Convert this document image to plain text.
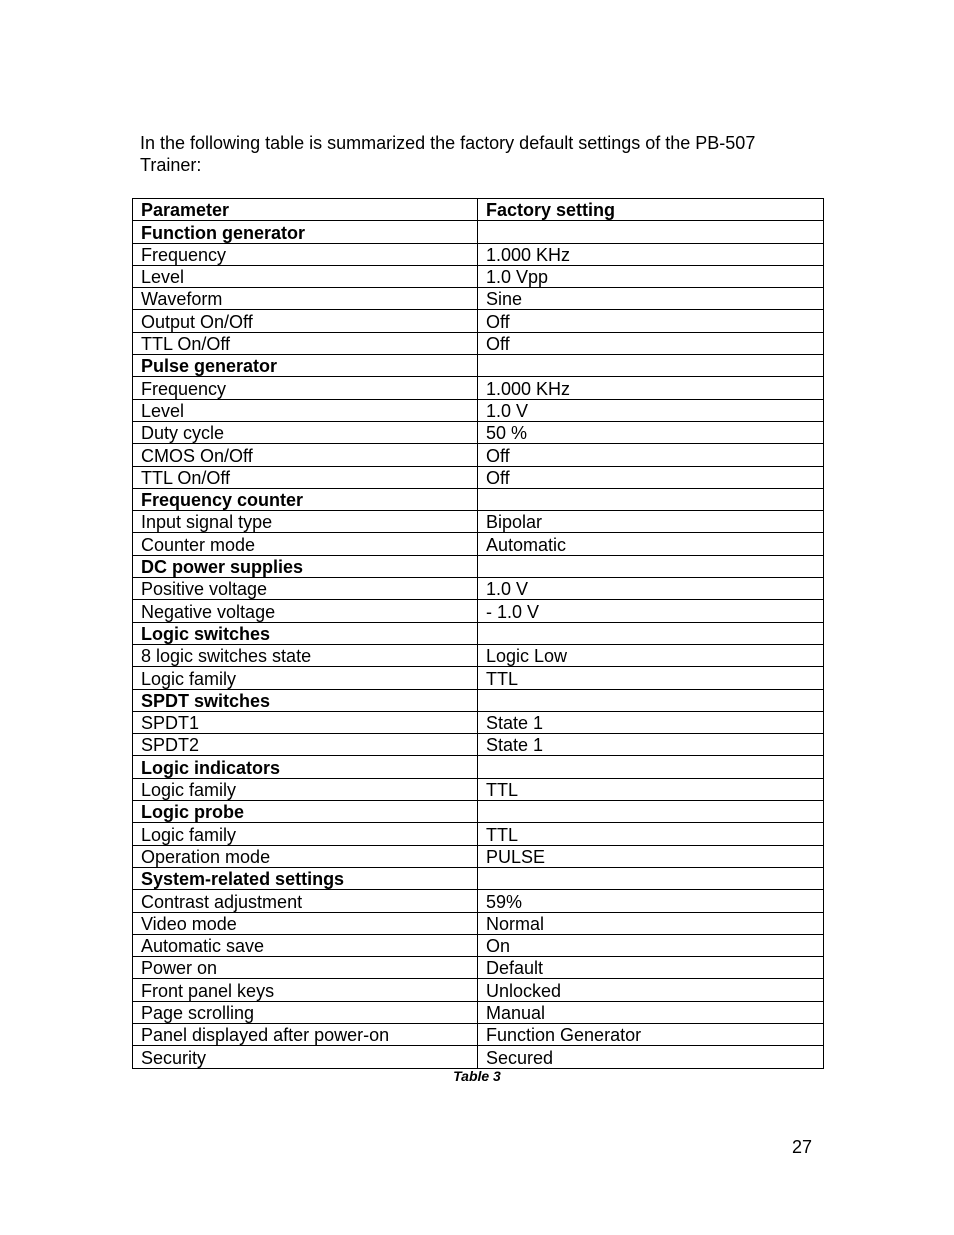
In the following table is summarized the factory default settings of the PB-507 Trainer:

Parameter	Factory setting
Function generator	
Frequency	1.000 KHz
Level	1.0 Vpp
Waveform	Sine
Output On/Off	Off
TTL On/Off	Off
Pulse generator	
Frequency	1.000 KHz
Level	1.0 V
Duty cycle	50 %
CMOS On/Off	Off
TTL On/Off	Off
Frequency counter	
Input signal type	Bipolar
Counter mode	Automatic
DC power supplies	
Positive voltage	1.0 V
Negative voltage	- 1.0 V
Logic switches	
8 logic switches state	Logic Low
Logic family	TTL
SPDT switches	
SPDT1	State 1
SPDT2	State 1
Logic indicators	
Logic family	TTL
Logic probe	
Logic family	TTL
Operation mode	PULSE
System-related settings	
Contrast adjustment	59%
Video mode	Normal
Automatic save	On
Power on	Default
Front panel keys	Unlocked
Page scrolling	Manual
Panel displayed after power-on	Function Generator
Security	Secured
Table 3
27
